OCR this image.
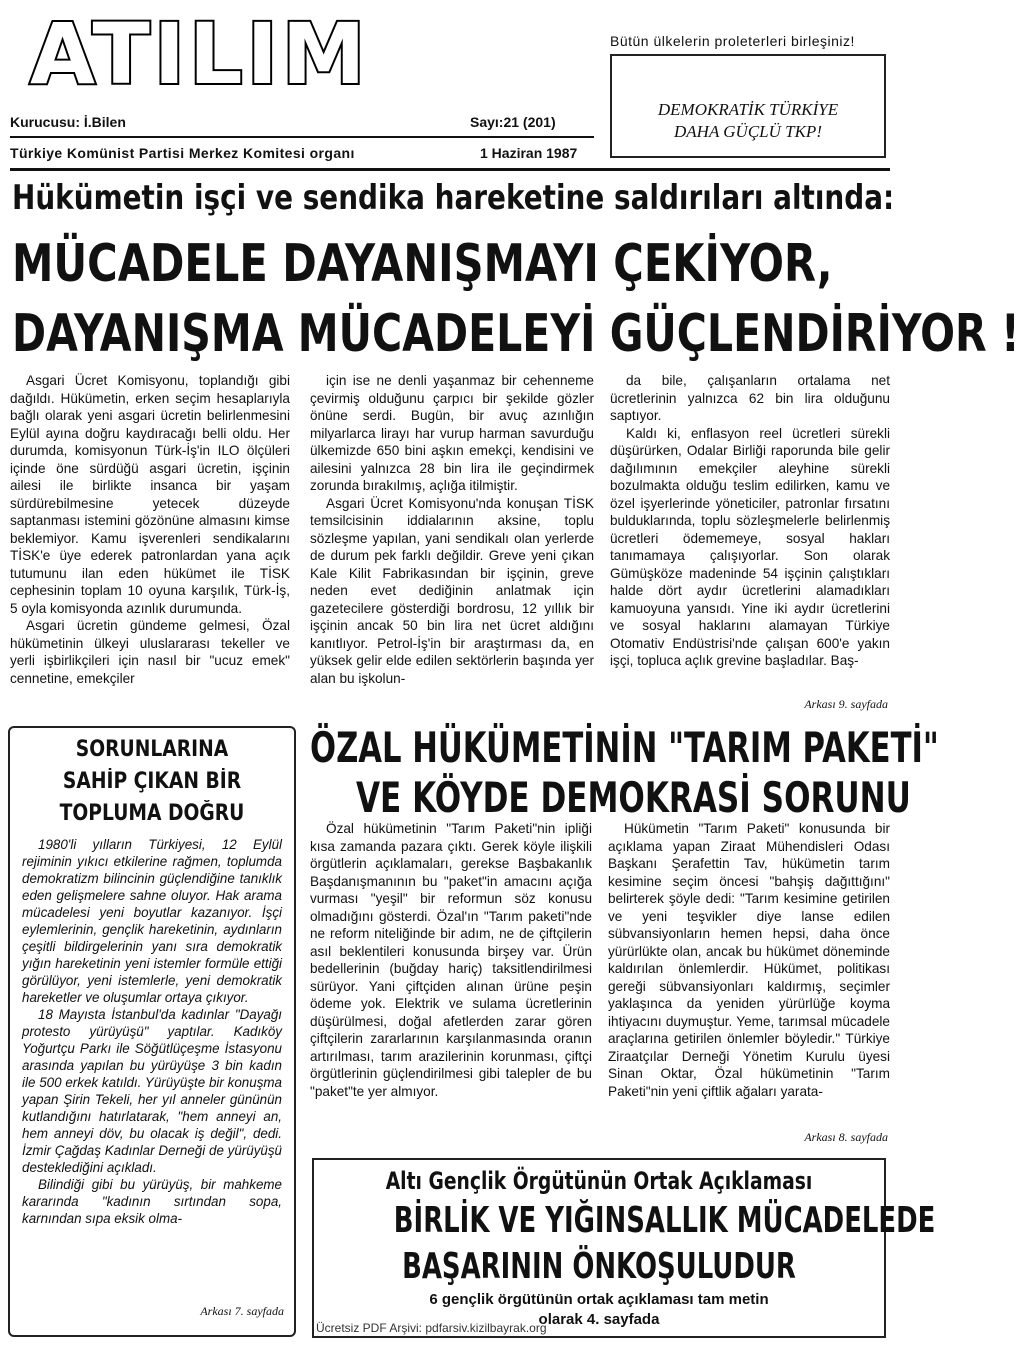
ATILIM	Bütün ülkelerin proleterleri birleşiniz!
DEMOKRATİK TÜRKİYE
DAHA GÜÇLÜ TKP!
Kurucusu: İ.Bilen	Sayı:21 (201)
Türkiye Komünist Partisi Merkez Komitesi organı	1 Haziran 1987
Hükümetin işçi ve sendika hareketine saldırıları altında:
MÜCADELE DAYANIŞMAYI ÇEKİYOR,
DAYANIŞMA MÜCADELEYİ GÜÇLENDİRİYOR !

Asgari Ücret Komisyonu, toplandığı gibi dağıldı. Hükümetin, erken seçim hesaplarıyla bağlı olarak yeni asgari ücretin belirlenmesini Eylül ayına doğru kaydıracağı belli oldu. Her durumda, komisyonun Türk-İş'in ILO ölçüleri içinde öne sürdüğü asgari ücretin, işçinin ailesi ile birlikte insanca bir yaşam sürdürebilmesine yetecek düzeyde saptanması istemini gözönüne almasını kimse beklemiyor. Kamu işverenleri sendikalarını TİSK'e üye ederek patronlardan yana açık tutumunu ilan eden hükümet ile TİSK cephesinin toplam 10 oyuna karşılık, Türk-İş, 5 oyla komisyonda azınlık durumunda.

Asgari ücretin gündeme gelmesi, Özal hükümetinin ülkeyi uluslararası tekeller ve yerli işbirlikçileri için nasıl bir "ucuz emek" cennetine, emekçiler

için ise ne denli yaşanmaz bir cehenneme çevirmiş olduğunu çarpıcı bir şekilde gözler önüne serdi. Bugün, bir avuç azınlığın milyarlarca lirayı har vurup harman savurduğu ülkemizde 650 bini aşkın emekçi, kendisini ve ailesini yalnızca 28 bin lira ile geçindirmek zorunda bırakılmış, açlığa itilmiştir.

Asgari Ücret Komisyonu'nda konuşan TİSK temsilcisinin iddialarının aksine, toplu sözleşme yapılan, yani sendikalı olan yerlerde de durum pek farklı değildir. Greve yeni çıkan Kale Kilit Fabrikasından bir işçinin, greve neden evet dediğinin anlatmak için gazetecilere gösterdiği bordrosu, 12 yıllık bir işçinin ancak 50 bin lira net ücret aldığını kanıtlıyor. Petrol-İş'in bir araştırması da, en yüksek gelir elde edilen sektörlerin başında yer alan bu işkolun-

da bile, çalışanların ortalama net ücretlerinin yalnızca 62 bin lira olduğunu saptıyor.

Kaldı ki, enflasyon reel ücretleri sürekli düşürürken, Odalar Birliği raporunda bile gelir dağılımının emekçiler aleyhine sürekli bozulmakta olduğu teslim edilirken, kamu ve özel işyerlerinde yöneticiler, patronlar fırsatını bulduklarında, toplu sözleşmelerle belirlenmiş ücretleri ödememeye, sosyal hakları tanımamaya çalışıyorlar. Son olarak Gümüşköze madeninde 54 işçinin çalıştıkları halde dört aydır ücretlerini alamadıkları kamuoyuna yansıdı. Yine iki aydır ücretlerini ve sosyal haklarını alamayan Türkiye Otomativ Endüstrisi'nde çalışan 600'e yakın işçi, topluca açlık grevine başladılar. Baş-

Arkası 9. sayfada
SORUNLARINA
SAHİP ÇIKAN BİR
TOPLUMA DOĞRU

1980'li yılların Türkiyesi, 12 Eylül rejiminin yıkıcı etkilerine rağmen, toplumda demokratizm bilincinin güçlendiğine tanıklık eden gelişmelere sahne oluyor. Hak arama mücadelesi yeni boyutlar kazanıyor. İşçi eylemlerinin, gençlik hareketinin, aydınların çeşitli bildirgelerinin yanı sıra demokratik yığın hareketinin yeni istemler formüle ettiği görülüyor, yeni istemlerle, yeni demokratik hareketler ve oluşumlar ortaya çıkıyor.

18 Mayısta İstanbul'da kadınlar "Dayağı protesto yürüyüşü" yaptılar. Kadıköy Yoğurtçu Parkı ile Söğütlüçeşme İstasyonu arasında yapılan bu yürüyüşe 3 bin kadın ile 500 erkek katıldı. Yürüyüşte bir konuşma yapan Şirin Tekeli, her yıl anneler gününün kutlandığını hatırlatarak, "hem anneyi an, hem anneyi döv, bu olacak iş değil", dedi. İzmir Çağdaş Kadınlar Derneği de yürüyüşü desteklediğini açıkladı.

Bilindiği gibi bu yürüyüş, bir mahkeme kararında "kadının sırtından sopa, karnından sıpa eksik olma-

Arkası 7. sayfada
ÖZAL HÜKÜMETİNİN "TARIM PAKETİ"
VE KÖYDE DEMOKRASİ SORUNU

Özal hükümetinin "Tarım Paketi"nin ipliği kısa zamanda pazara çıktı. Gerek köyle ilişkili örgütlerin açıklamaları, gerekse Başbakanlık Başdanışmanının bu "paket"in amacını açığa vurması "yeşil" bir reformun söz konusu olmadığını gösterdi. Özal'ın "Tarım paketi"nde ne reform niteliğinde bir adım, ne de çiftçilerin asıl beklentileri konusunda birşey var. Ürün bedellerinin (buğday hariç) taksitlendirilmesi sürüyor. Yani çiftçiden alınan ürüne peşin ödeme yok. Elektrik ve sulama ücretlerinin düşürülmesi, doğal afetlerden zarar gören çiftçilerin zararlarının karşılanmasında oranın artırılması, tarım arazilerinin korunması, çiftçi örgütlerinin güçlendirilmesi gibi talepler de bu "paket"te yer almıyor.

Hükümetin "Tarım Paketi" konusunda bir açıklama yapan Ziraat Mühendisleri Odası Başkanı Şerafettin Tav, hükümetin tarım kesimine seçim öncesi "bahşiş dağıttığını" belirterek şöyle dedi: "Tarım kesimine getirilen ve yeni teşvikler diye lanse edilen sübvansiyonların hemen hepsi, daha önce yürürlükte olan, ancak bu hükümet döneminde kaldırılan önlemlerdir. Hükümet, politikası gereği sübvansiyonları kaldırmış, seçimler yaklaşınca da yeniden yürürlüğe koyma ihtiyacını duymuştur. Yeme, tarımsal mücadele araçlarına getirilen önlemler böyledir." Türkiye Ziraatçılar Derneği Yönetim Kurulu üyesi Sinan Oktar, Özal hükümetinin "Tarım Paketi"nin yeni çiftlik ağaları yarata-

Arkası 8. sayfada
Altı Gençlik Örgütünün Ortak Açıklaması
BİRLİK VE YIĞINSALLIK MÜCADELEDE
BAŞARININ ÖNKOŞULUDUR
6 gençlik örgütünün ortak açıklaması tam metin
olarak 4. sayfada
Ücretsiz PDF Arşivi: pdfarsiv.kizilbayrak.org
